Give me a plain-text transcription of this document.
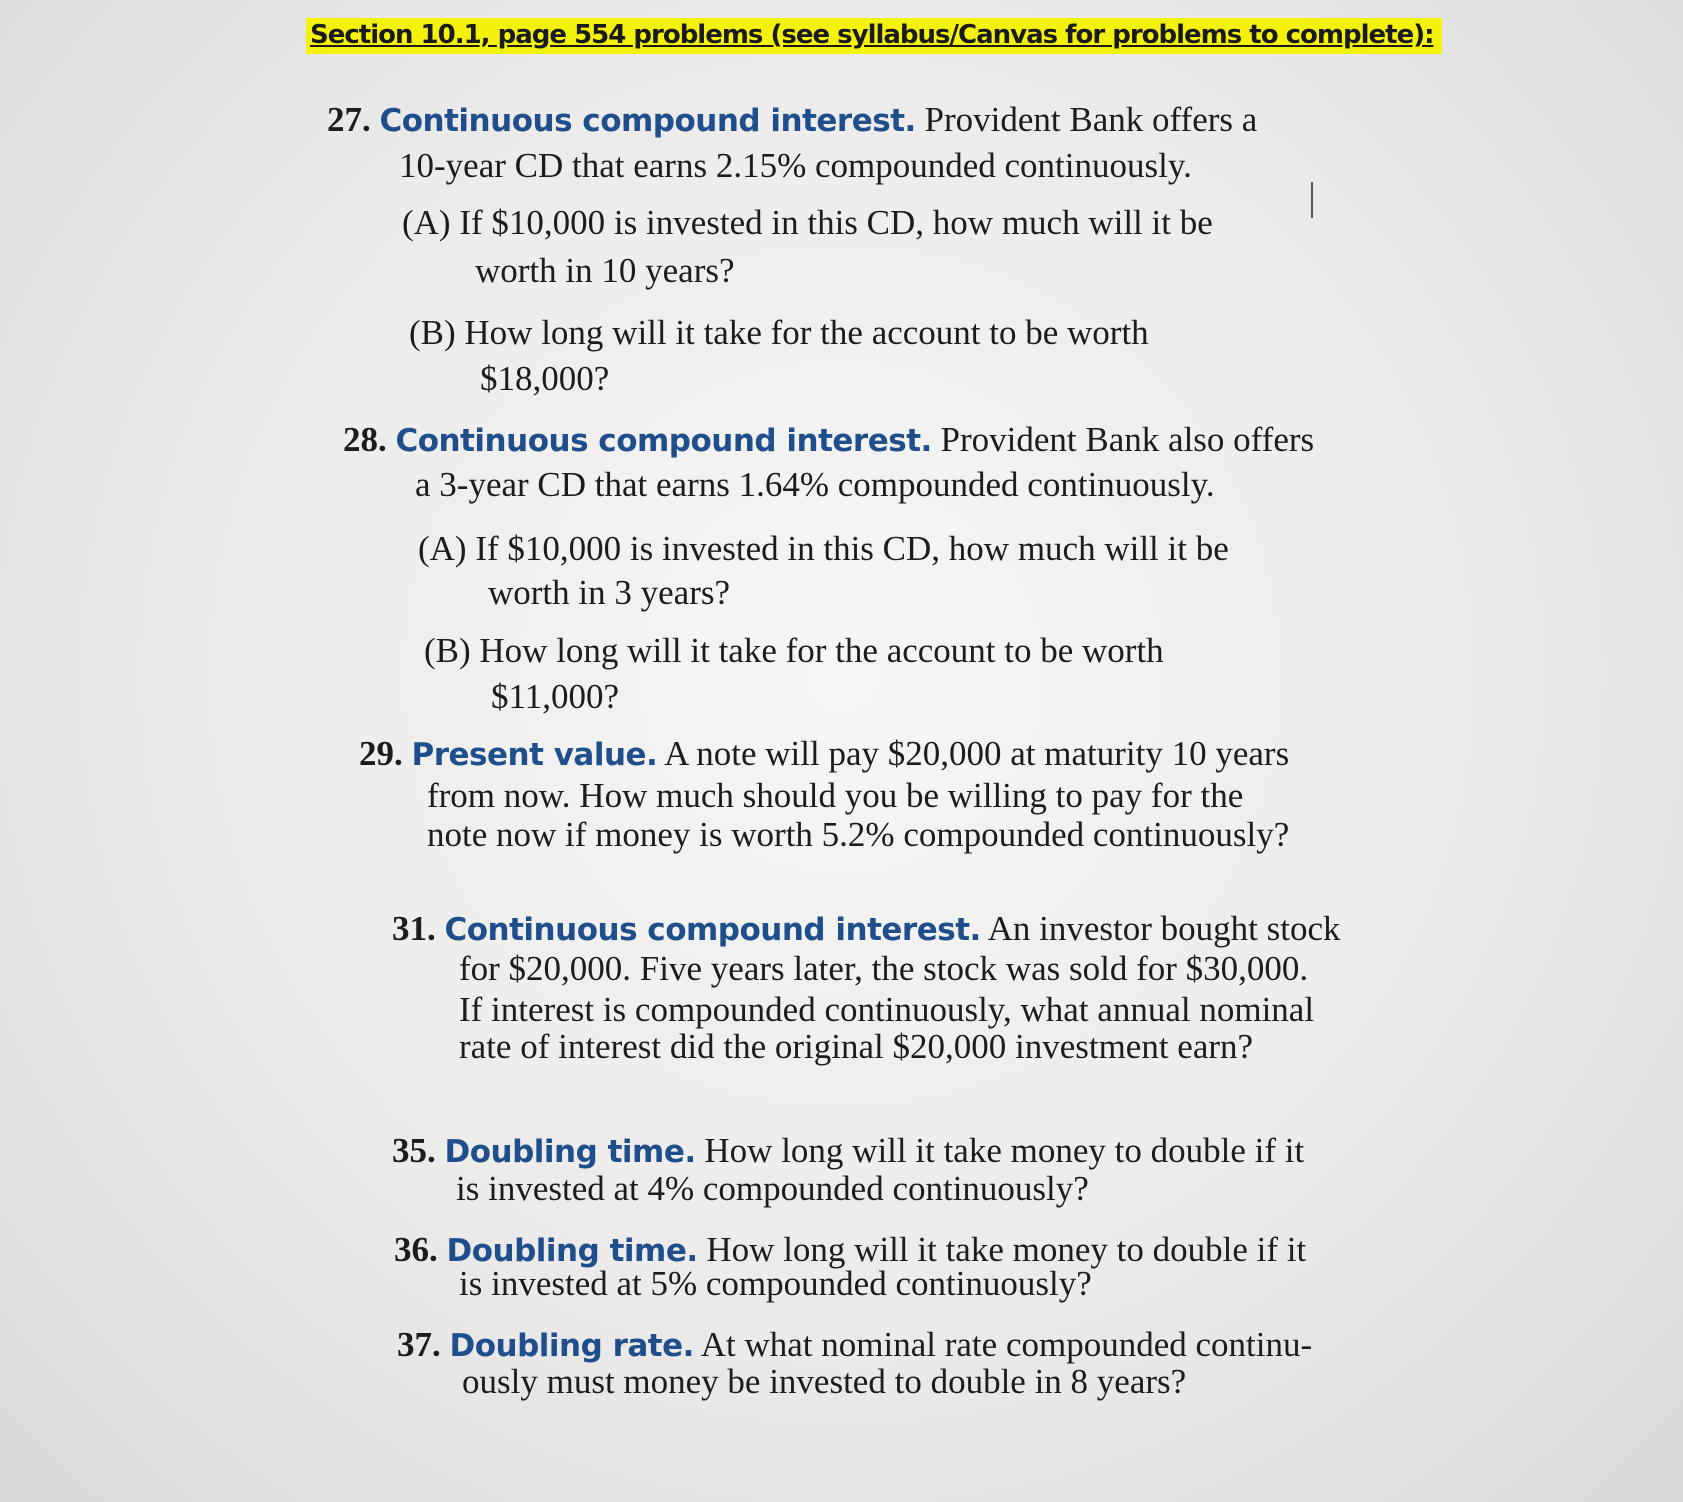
Section 10.1, page 554 problems (see syllabus/Canvas for problems to complete):
27. Continuous compound interest. Provident Bank offers a
10-year CD that earns 2.15% compounded continuously.
(A) If $10,000 is invested in this CD, how much will it be
worth in 10 years?
(B) How long will it take for the account to be worth
$18,000?
28. Continuous compound interest. Provident Bank also offers
a 3-year CD that earns 1.64% compounded continuously.
(A) If $10,000 is invested in this CD, how much will it be
worth in 3 years?
(B) How long will it take for the account to be worth
$11,000?
29. Present value. A note will pay $20,000 at maturity 10 years
from now. How much should you be willing to pay for the
note now if money is worth 5.2% compounded continuously?
31. Continuous compound interest. An investor bought stock
for $20,000. Five years later, the stock was sold for $30,000.
If interest is compounded continuously, what annual nominal
rate of interest did the original $20,000 investment earn?
35. Doubling time. How long will it take money to double if it
is invested at 4% compounded continuously?
36. Doubling time. How long will it take money to double if it
is invested at 5% compounded continuously?
37. Doubling rate. At what nominal rate compounded continu-
ously must money be invested to double in 8 years?
